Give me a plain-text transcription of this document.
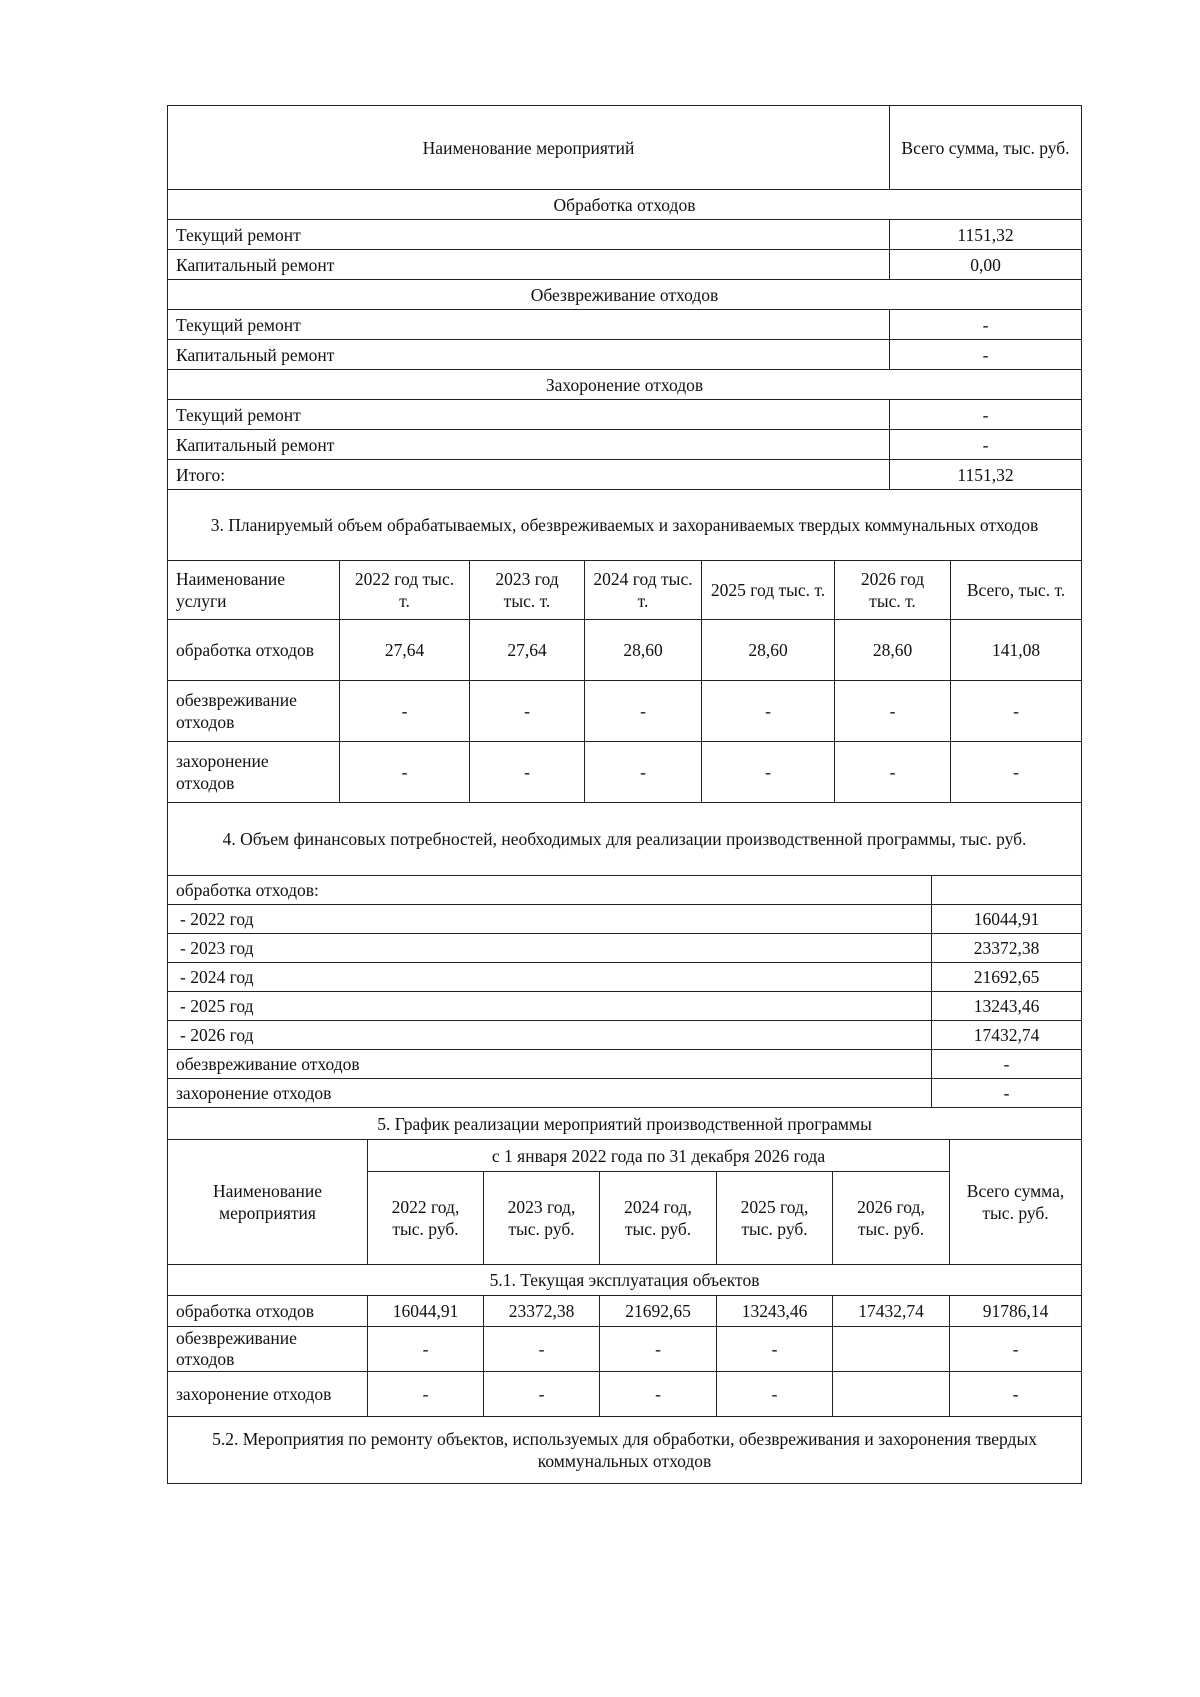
Наименование мероприятий	Всего сумма, тыс. руб.
Обработка отходов	
Текущий ремонт	1151,32
Капитальный ремонт	0,00
Обезвреживание отходов	
Текущий ремонт	-
Капитальный ремонт	-
Захоронение отходов	
Текущий ремонт	-
Капитальный ремонт	-
Итого:	1151,32
3. Планируемый объем обрабатываемых, обезвреживаемых и захораниваемых твердых коммунальных отходов						
Наименование услуги	2022 год тыс. т.	2023 год тыс. т.	2024 год тыс. т.	2025 год тыс. т.	2026 год тыс. т.	Всего, тыс. т.
обработка отходов	27,64	27,64	28,60	28,60	28,60	141,08
обезвреживание отходов	-	-	-	-	-	-
захоронение отходов	-	-	-	-	-	-
4. Объем финансовых потребностей, необходимых для реализации производственной программы, тыс. руб.	
обработка отходов:	
- 2022 год	16044,91
- 2023 год	23372,38
- 2024 год	21692,65
- 2025 год	13243,46
- 2026 год	17432,74
обезвреживание отходов	-
захоронение отходов	-
5. График реализации мероприятий производственной программы						
Наименование мероприятия	с 1 января 2022 года по 31 декабря 2026 года					Всего сумма, тыс. руб.
	2022 год, тыс. руб.	2023 год, тыс. руб.	2024 год, тыс. руб.	2025 год, тыс. руб.	2026 год, тыс. руб.	
5.1. Текущая эксплуатация объектов						
обработка отходов	16044,91	23372,38	21692,65	13243,46	17432,74	91786,14
обезвреживание отходов	-	-	-	-		-
захоронение отходов	-	-	-	-		-
5.2. Мероприятия по ремонту объектов, используемых для обработки, обезвреживания и захоронения твердых коммунальных отходов						
